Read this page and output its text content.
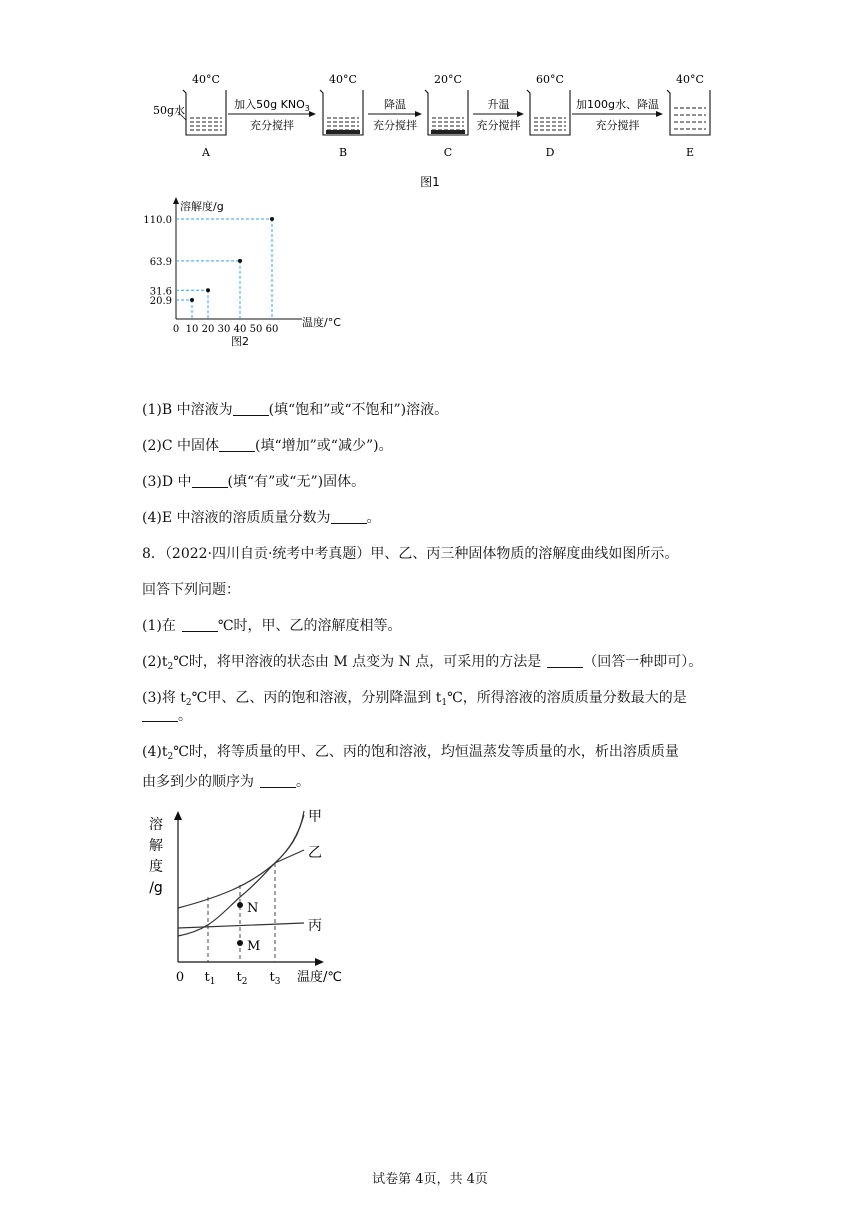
40°C	40°C	20°C	60°C	40°C
A	B	C	D	E
加入50g $KNO_3$
充分搅拌
降温
充分搅拌
升温
充分搅拌
加100g水、降温
充分搅拌
50g水
图1
溶解度/g
温度/°C
110.0
63.9
31.6
20.9
0 10 20 30 40 50 60
图2
(1)B 中溶液为	(填“饱和”或“不饱和”)溶液。
(2)C 中固体	(填“增加”或“减少”)。
(3)D 中	(填“有”或“无”)固体。
(4)E 中溶液的溶质质量分数为	。
8．（2022·四川自贡·统考中考真题）甲、乙、丙三种固体物质的溶解度曲线如图所示。
回答下列问题：
(1)在	℃时，甲、乙的溶解度相等。
$(2)t_2℃$时，将甲溶液的状态由 M 点变为 N 点，可采用的方法是	（回答一种即可）。
(3)将 $t_2℃$甲、乙、丙的饱和溶液，分别降温到 $t_1℃$，所得溶液的溶质质量分数最大的是
。
$(4)t_2℃$时，将等质量的甲、乙、丙的饱和溶液，均恒温蒸发等质量的水，析出溶质质量
由多到少的顺序为	。
溶
解
度
/g
N
M
甲
乙
丙
0 $t_1$ $t_2$ $t_3$ 温度/℃
试卷第 4页，共 4页
